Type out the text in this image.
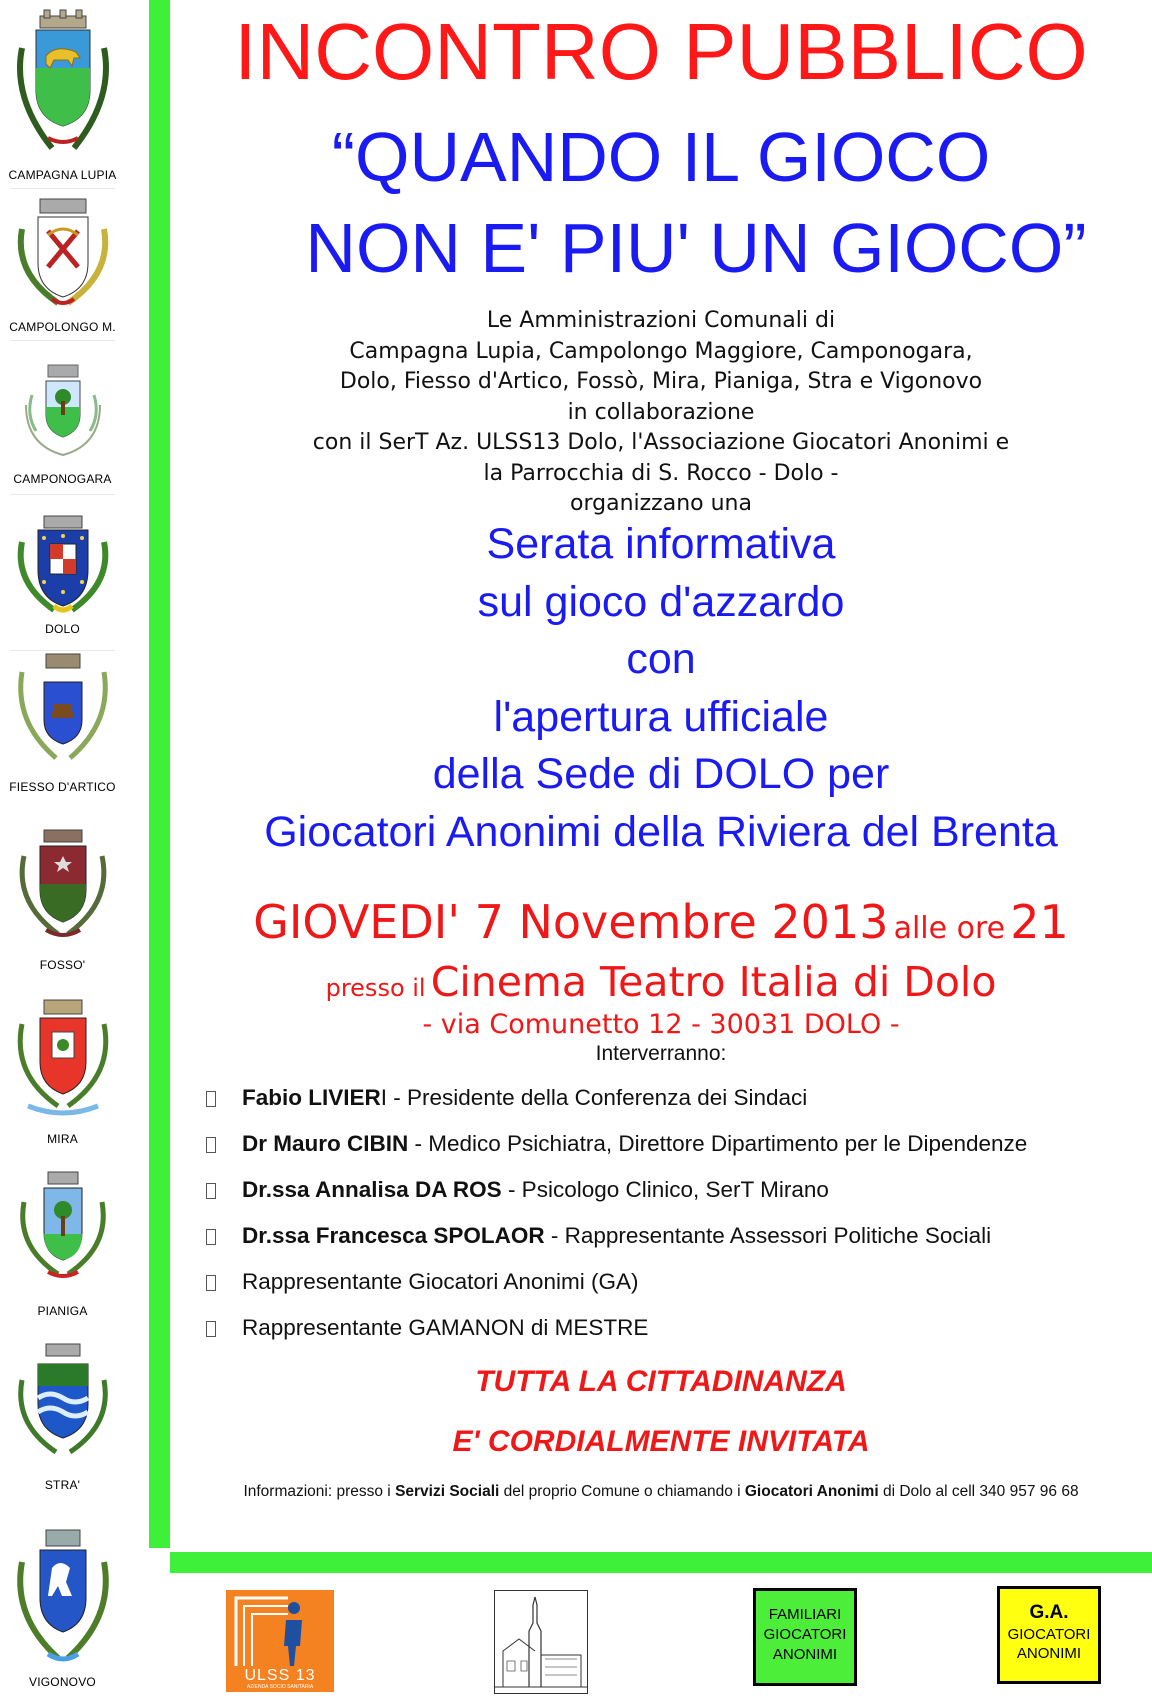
CAMPAGNA LUPIA
CAMPOLONGO M.
CAMPONOGARA
DOLO
FIESSO D'ARTICO
FOSSO'
MIRA
PIANIGA
STRA'
VIGONOVO
INCONTRO PUBBLICO
“QUANDO IL GIOCO
NON E' PIU' UN GIOCO”
Le Amministrazioni Comunali di
Campagna Lupia, Campolongo Maggiore, Camponogara,
Dolo, Fiesso d'Artico, Fossò, Mira, Pianiga, Stra e Vigonovo
in collaborazione
con il SerT Az. ULSS13 Dolo, l'Associazione Giocatori Anonimi e
la Parrocchia di S. Rocco - Dolo -
organizzano una
Serata informativa
sul gioco d'azzardo
con
l'apertura ufficiale
della Sede di DOLO per
Giocatori Anonimi della Riviera del Brenta
GIOVEDI' 7 Novembre 2013 alle ore 21
presso il Cinema Teatro Italia di Dolo
- via Comunetto 12 - 30031 DOLO -
Interverranno:
Fabio LIVIERI - Presidente della Conferenza dei Sindaci
Dr Mauro CIBIN - Medico Psichiatra, Direttore Dipartimento per le Dipendenze
Dr.ssa Annalisa DA ROS - Psicologo Clinico, SerT Mirano
Dr.ssa Francesca SPOLAOR - Rappresentante Assessori Politiche Sociali
Rappresentante Giocatori Anonimi (GA)
Rappresentante GAMANON di MESTRE
TUTTA LA CITTADINANZA
E' CORDIALMENTE INVITATA
Informazioni: presso i Servizi Sociali del proprio Comune o chiamando i Giocatori Anonimi di Dolo al cell 340 957 96 68
ULSS 13
AZIENDA SOCIO SANITARIA
FAMILIARI
GIOCATORI
ANONIMI
G.A.
GIOCATORI
ANONIMI
